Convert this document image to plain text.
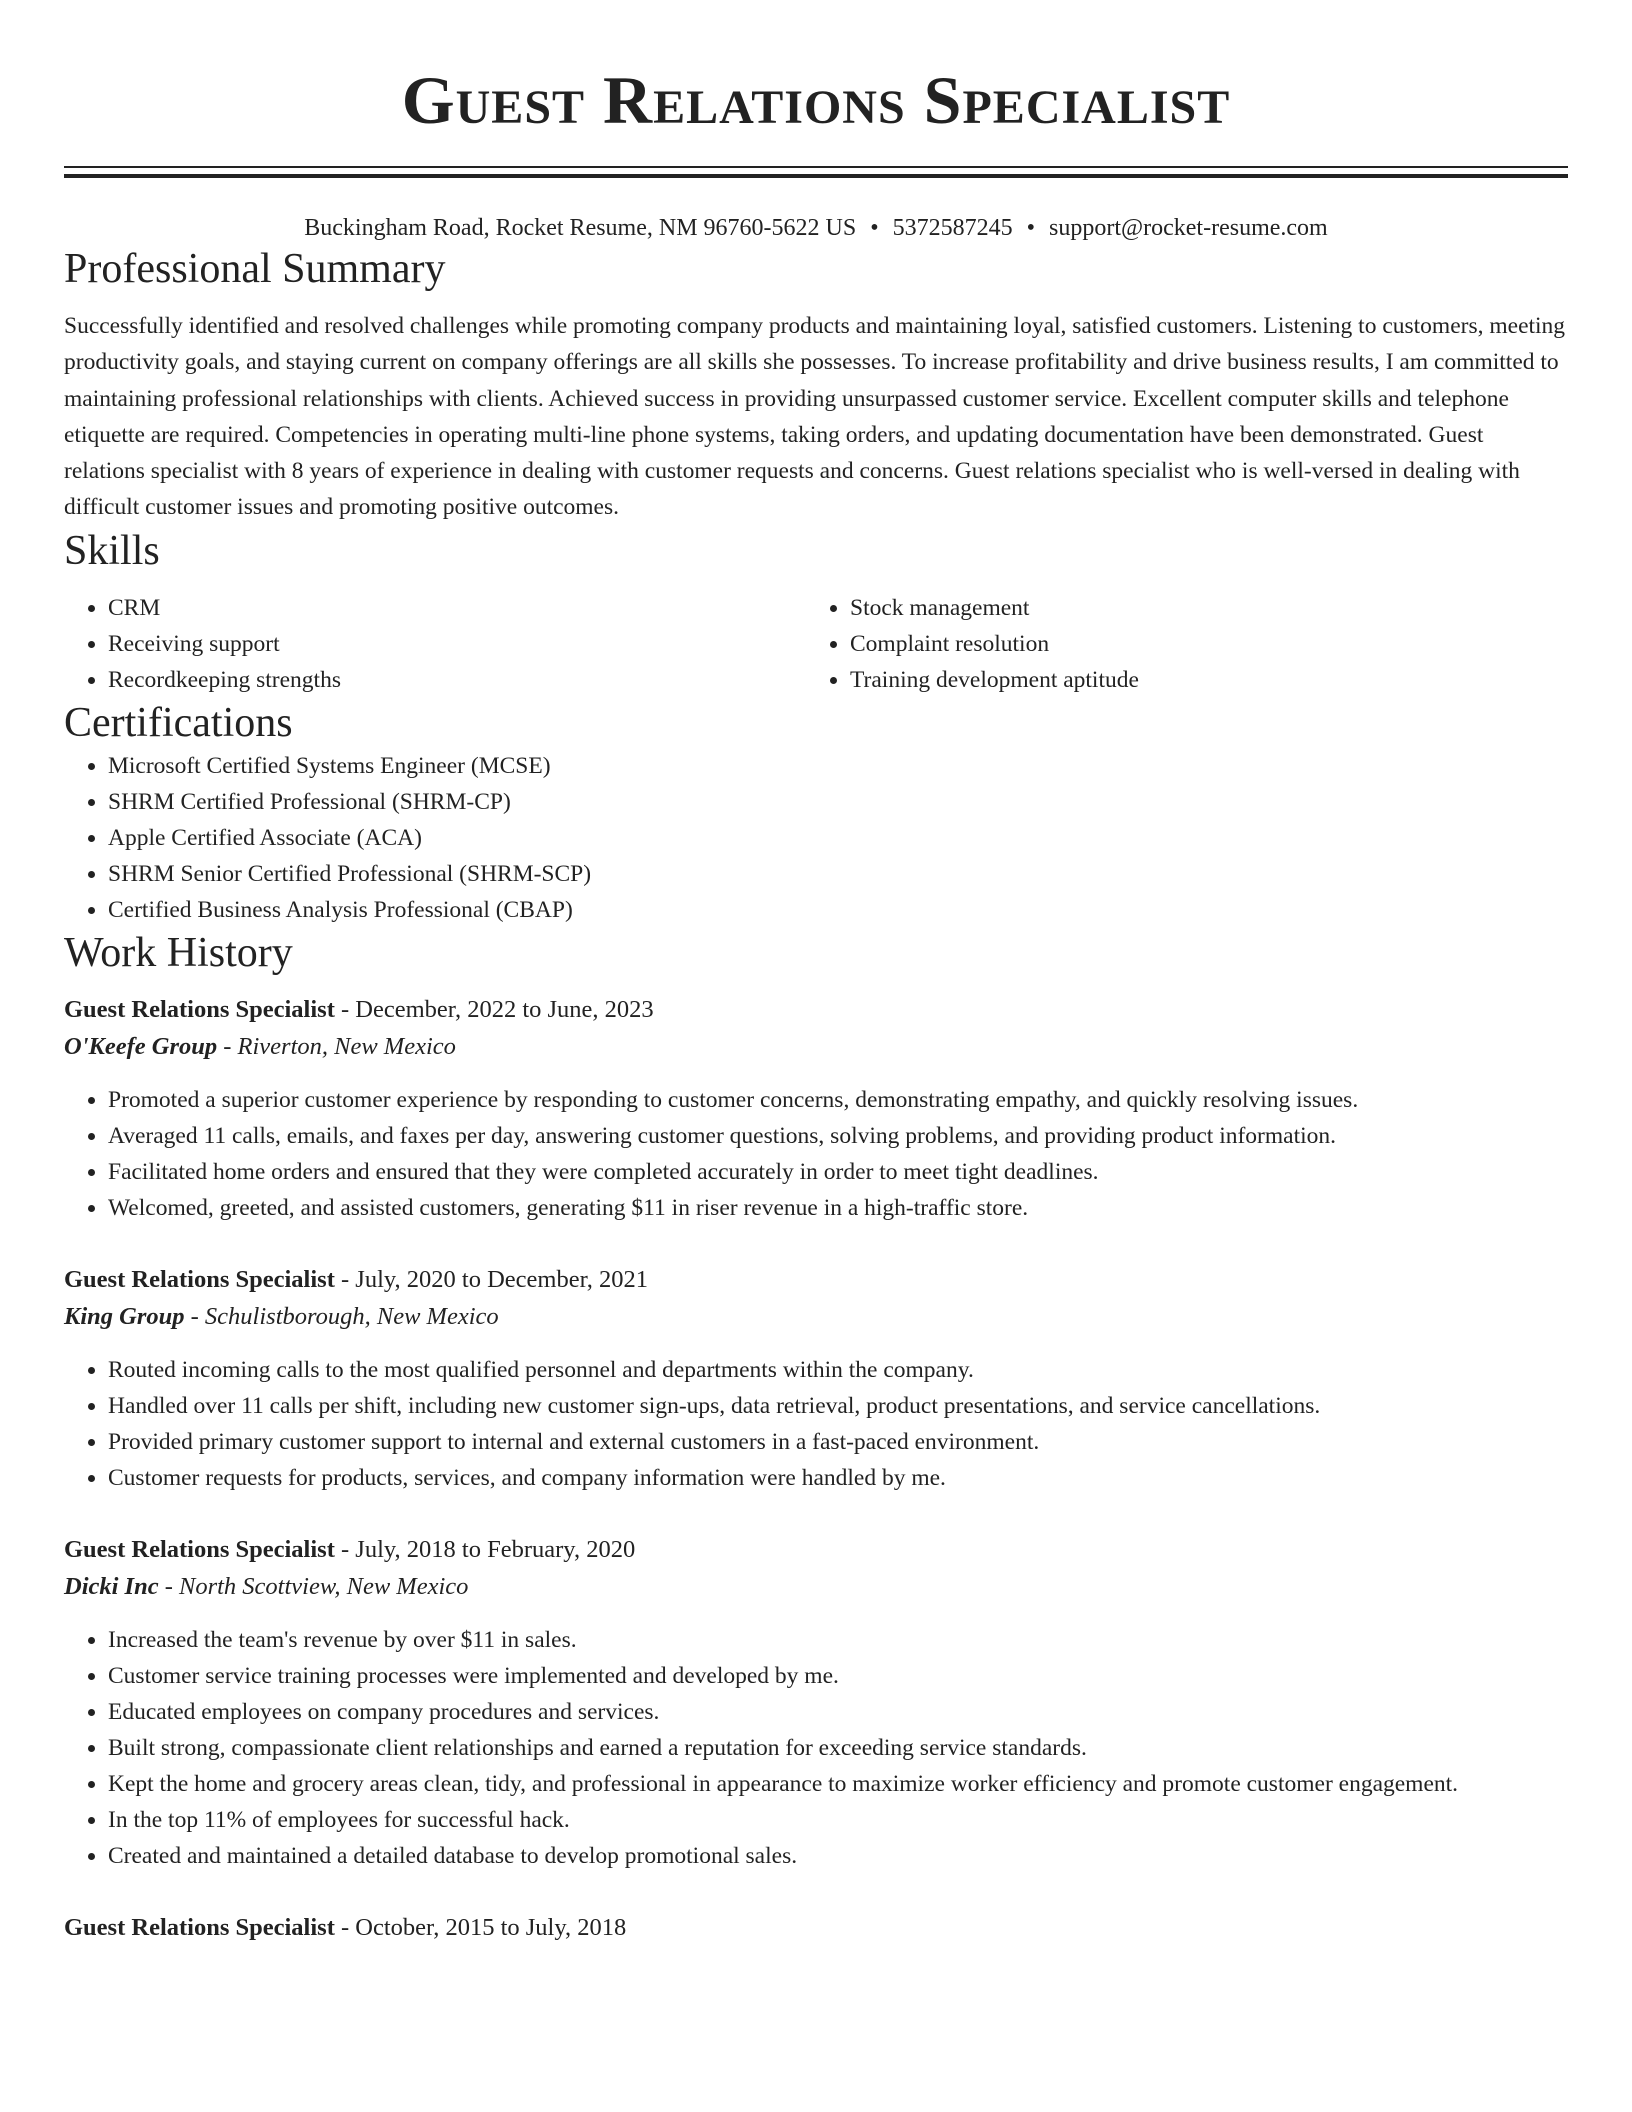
Guest Relations Specialist
Buckingham Road, Rocket Resume, NM 96760-5622 US • 5372587245 • support@rocket-resume.com
Professional Summary

Successfully identified and resolved challenges while promoting company products and maintaining loyal, satisfied customers. Listening to customers, meeting productivity goals, and staying current on company offerings are all skills she possesses. To increase profitability and drive business results, I am committed to maintaining professional relationships with clients. Achieved success in providing unsurpassed customer service. Excellent computer skills and telephone etiquette are required. Competencies in operating multi-line phone systems, taking orders, and updating documentation have been demonstrated. Guest relations specialist with 8 years of experience in dealing with customer requests and concerns. Guest relations specialist who is well-versed in dealing with difficult customer issues and promoting positive outcomes.

Skills
• CRM
• Receiving support
• Recordkeeping strengths
• Stock management
• Complaint resolution
• Training development aptitude
Certifications
• Microsoft Certified Systems Engineer (MCSE)
• SHRM Certified Professional (SHRM-CP)
• Apple Certified Associate (ACA)
• SHRM Senior Certified Professional (SHRM-SCP)
• Certified Business Analysis Professional (CBAP)
Work History
Guest Relations Specialist - December, 2022 to June, 2023
O'Keefe Group - Riverton, New Mexico
• Promoted a superior customer experience by responding to customer concerns, demonstrating empathy, and quickly resolving issues.
• Averaged 11 calls, emails, and faxes per day, answering customer questions, solving problems, and providing product information.
• Facilitated home orders and ensured that they were completed accurately in order to meet tight deadlines.
• Welcomed, greeted, and assisted customers, generating $11 in riser revenue in a high-traffic store.
Guest Relations Specialist - July, 2020 to December, 2021
King Group - Schulistborough, New Mexico
• Routed incoming calls to the most qualified personnel and departments within the company.
• Handled over 11 calls per shift, including new customer sign-ups, data retrieval, product presentations, and service cancellations.
• Provided primary customer support to internal and external customers in a fast-paced environment.
• Customer requests for products, services, and company information were handled by me.
Guest Relations Specialist - July, 2018 to February, 2020
Dicki Inc - North Scottview, New Mexico
• Increased the team's revenue by over $11 in sales.
• Customer service training processes were implemented and developed by me.
• Educated employees on company procedures and services.
• Built strong, compassionate client relationships and earned a reputation for exceeding service standards.
• Kept the home and grocery areas clean, tidy, and professional in appearance to maximize worker efficiency and promote customer engagement.
• In the top 11% of employees for successful hack.
• Created and maintained a detailed database to develop promotional sales.
Guest Relations Specialist - October, 2015 to July, 2018
